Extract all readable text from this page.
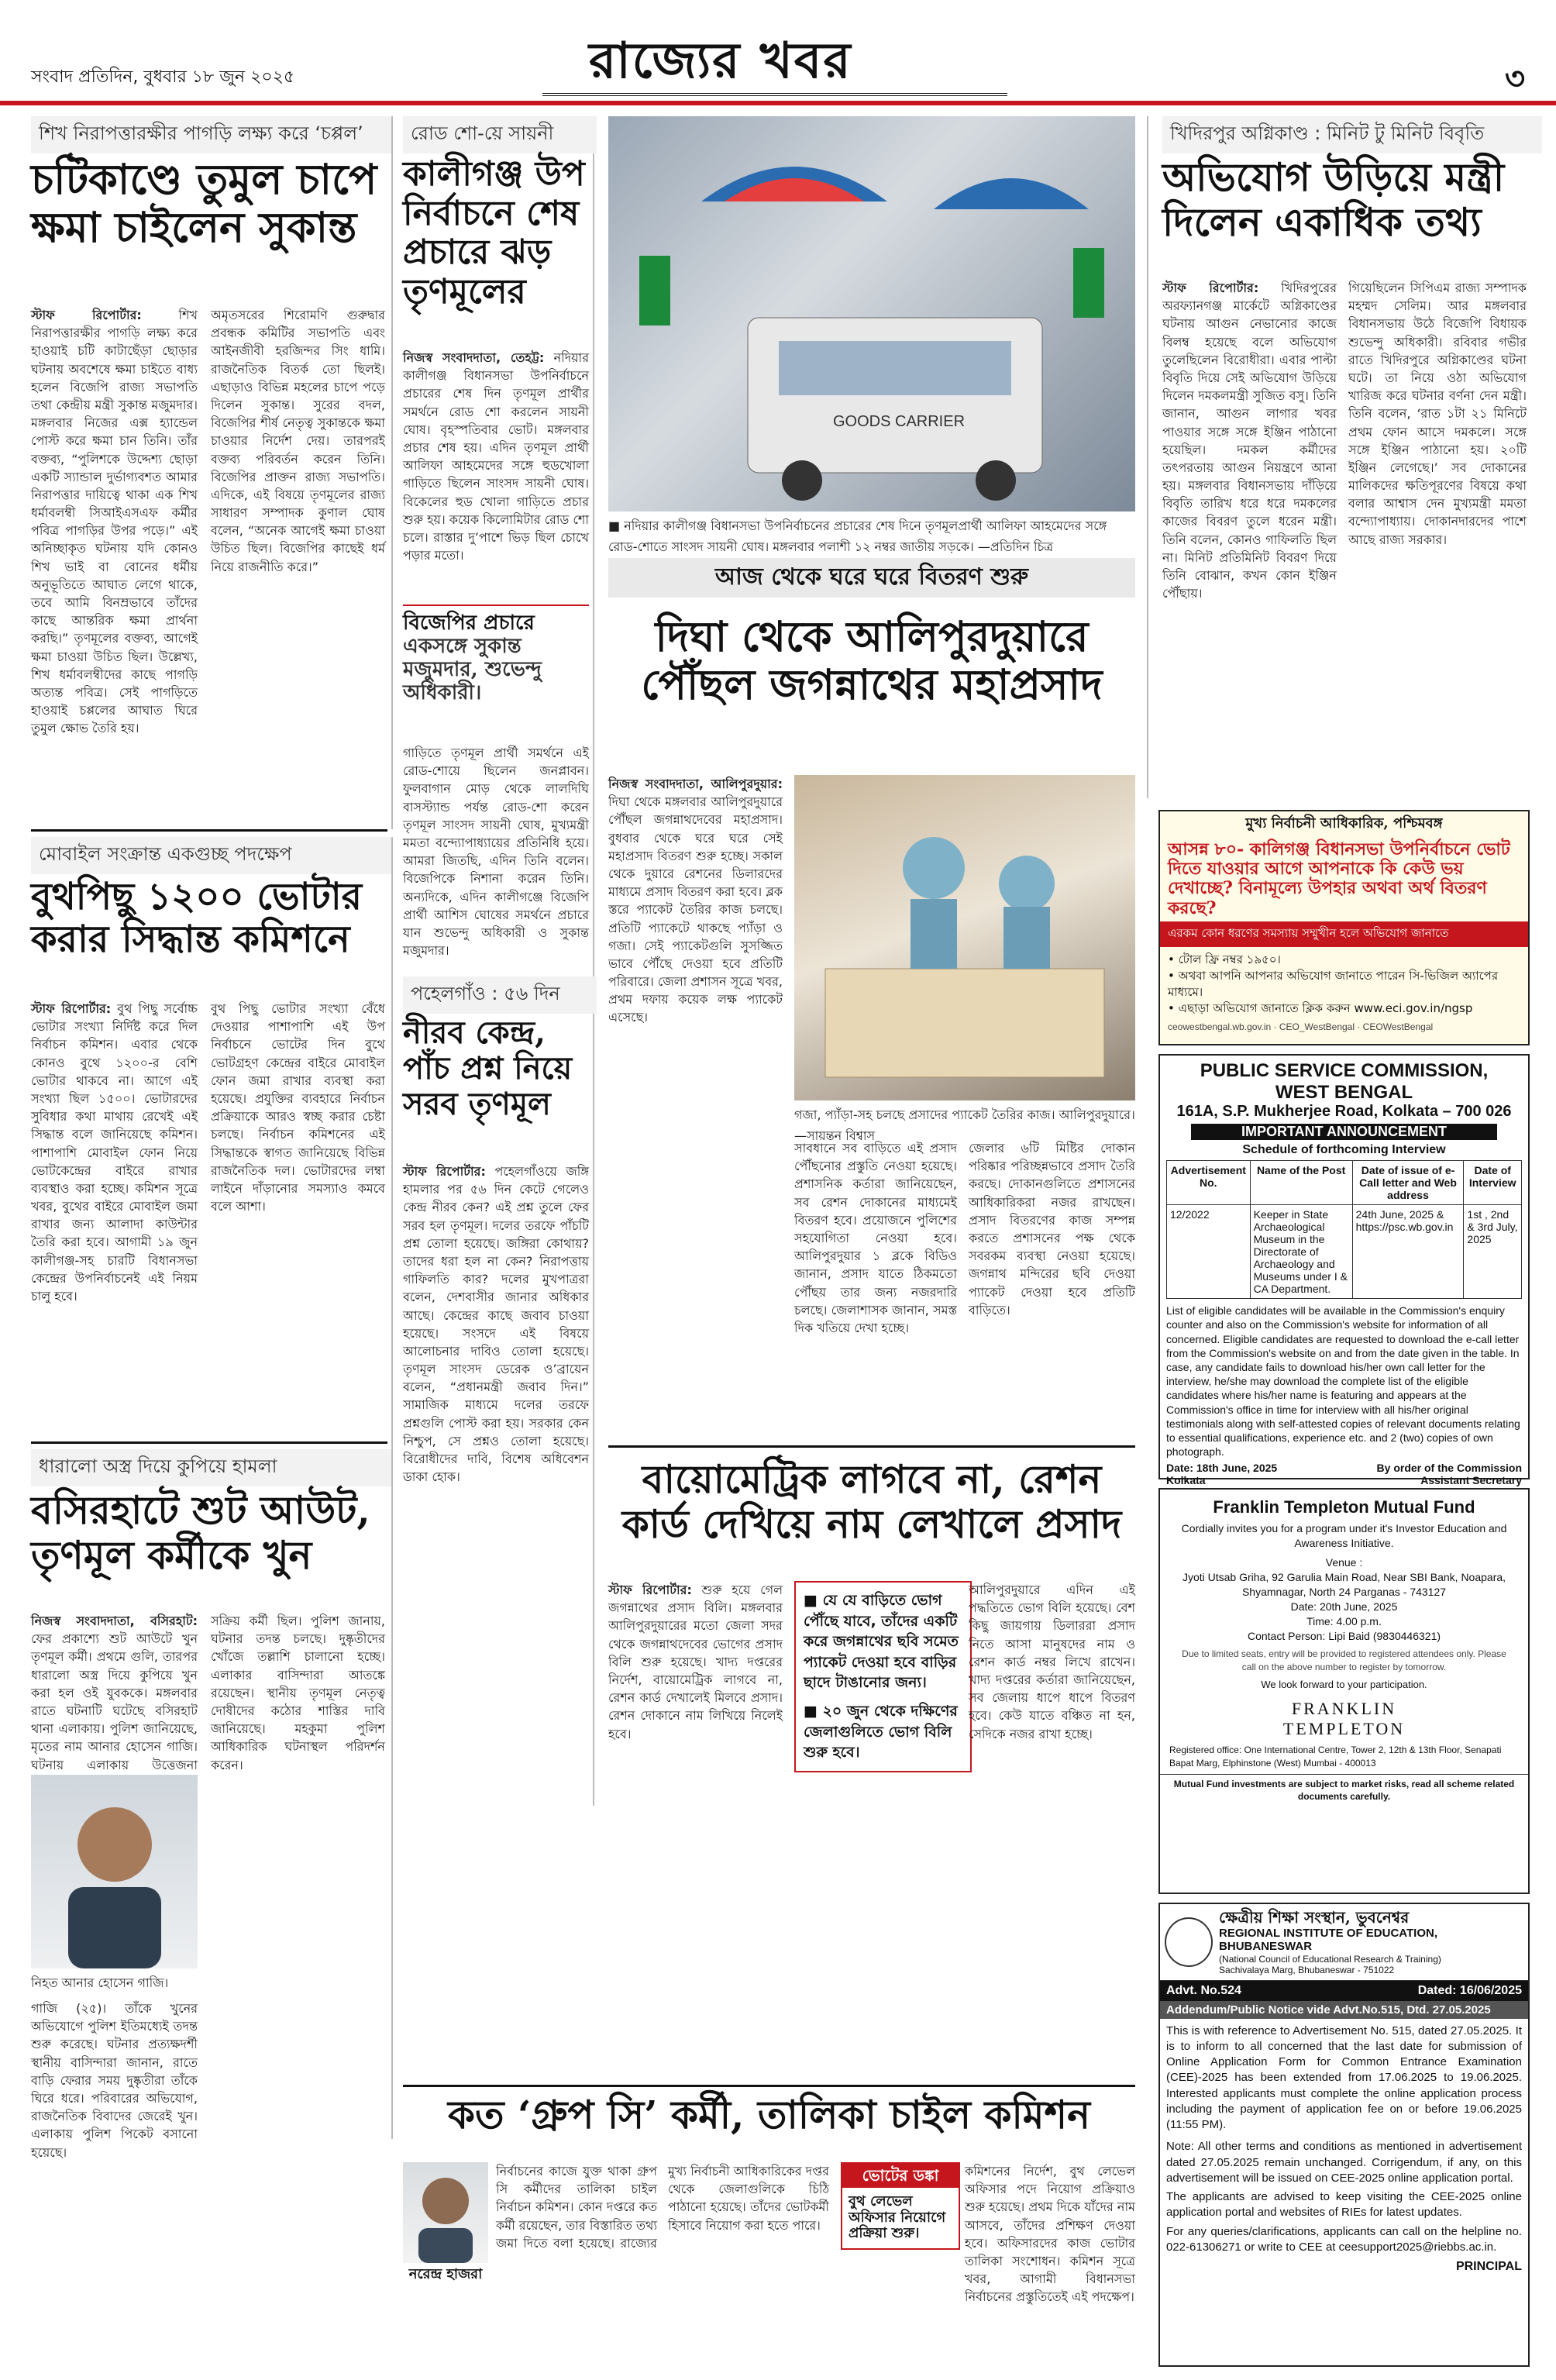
সংবাদ প্রতিদিন, বুধবার ১৮ জুন ২০২৫	রাজ্যের খবর	৩
শিখ নিরাপত্তারক্ষীর পাগড়ি লক্ষ্য করে ‘চপ্পল’
চটিকাণ্ডে তুমুল চাপে ক্ষমা চাইলেন সুকান্ত
স্টাফ রিপোর্টার:	শিখ নিরাপত্তারক্ষীর পাগড়ি লক্ষ্য করে হাওয়াই চটি কাটাছেঁড়া ছোড়ার ঘটনায় অবশেষে ক্ষমা চাইতে বাধ্য হলেন বিজেপি রাজ্য সভাপতি তথা কেন্দ্রীয় মন্ত্রী সুকান্ত মজুমদার। মঙ্গলবার নিজের এক্স হ্যান্ডেল পোস্ট করে ক্ষমা চান তিনি। তাঁর বক্তব্য, “পুলিশকে উদ্দেশ্য ছোড়া একটি স্যান্ডাল দুর্ভাগ্যবশত আমার নিরাপত্তার দায়িত্বে থাকা এক শিখ ধর্মাবলম্বী সিআইএসএফ কর্মীর পবিত্র পাগড়ির উপর পড়ে।” এই অনিচ্ছাকৃত ঘটনায় যদি কোনও শিখ ভাই বা বোনের ধর্মীয় অনুভূতিতে আঘাত লেগে থাকে, তবে আমি বিনম্রভাবে তাঁদের কাছে আন্তরিক ক্ষমা প্রার্থনা করছি।” তৃণমূলের বক্তব্য, আগেই ক্ষমা চাওয়া উচিত ছিল। উল্লেখ্য, শিখ ধর্মাবলম্বীদের কাছে পাগড়ি অত্যন্ত পবিত্র। সেই পাগড়িতে হাওয়াই চপ্পলের আঘাত ঘিরে তুমুল ক্ষোভ তৈরি হয়।
অমৃতসরের শিরোমণি গুরুদ্বার প্রবন্ধক কমিটির সভাপতি এবং আইনজীবী হরজিন্দর সিং ধামি। রাজনৈতিক বিতর্ক তো ছিলই। এছাড়াও বিভিন্ন মহলের চাপে পড়ে দিলেন সুকান্ত। সুরের বদল, বিজেপির শীর্ষ নেতৃত্ব সুকান্তকে ক্ষমা চাওয়ার নির্দেশ দেয়। তারপরই বক্তব্য পরিবর্তন করেন তিনি। বিজেপির প্রাক্তন রাজ্য সভাপতি। এদিকে, এই বিষয়ে তৃণমূলের রাজ্য সাধারণ সম্পাদক কুণাল ঘোষ বলেন, “অনেক আগেই ক্ষমা চাওয়া উচিত ছিল। বিজেপির কাছেই ধর্ম নিয়ে রাজনীতি করে।”
রোড শো-য়ে সায়নী
কালীগঞ্জ উপ নির্বাচনে শেষ প্রচারে ঝড় তৃণমূলের
নিজস্ব সংবাদদাতা, তেহট্ট: নদিয়ার কালীগঞ্জ বিধানসভা উপনির্বাচনে প্রচারের শেষ দিন তৃণমূল প্রার্থীর সমর্থনে রোড শো করলেন সায়নী ঘোষ। বৃহস্পতিবার ভোট। মঙ্গলবার প্রচার শেষ হয়। এদিন তৃণমূল প্রার্থী আলিফা আহমেদের সঙ্গে হুডখোলা গাড়িতে ছিলেন সাংসদ সায়নী ঘোষ। বিকেলের হুড খোলা গাড়িতে প্রচার শুরু হয়। কয়েক কিলোমিটার রোড শো চলে। রাস্তার দু’পাশে ভিড় ছিল চোখে পড়ার মতো।
বিজেপির প্রচারে
একসঙ্গে সুকান্ত মজুমদার, শুভেন্দু অধিকারী।
গাড়িতে তৃণমূল প্রার্থী সমর্থনে এই রোড-শোয়ে ছিলেন জনপ্লাবন। ফুলবাগান মোড় থেকে লালদিঘি বাসস্ট্যান্ড পর্যন্ত রোড-শো করেন তৃণমূল সাংসদ সায়নী ঘোষ, মুখ্যমন্ত্রী মমতা বন্দ্যোপাধ্যায়ের প্রতিনিধি হয়ে। আমরা জিতছি, এদিন তিনি বলেন। বিজেপিকে নিশানা করেন তিনি। অন্যদিকে, এদিন কালীগঞ্জে বিজেপি প্রার্থী আশিস ঘোষের সমর্থনে প্রচারে যান শুভেন্দু অধিকারী ও সুকান্ত মজুমদার।
GOODS CARRIER
■ নদিয়ার কালীগঞ্জ বিধানসভা উপনির্বাচনের প্রচারের শেষ দিনে তৃণমূলপ্রার্থী আলিফা আহমেদের সঙ্গে রোড-শোতে সাংসদ সায়নী ঘোষ। মঙ্গলবার পলাশী ১২ নম্বর জাতীয় সড়কে। —প্রতিদিন চিত্র
খিদিরপুর অগ্নিকাণ্ড : মিনিট টু মিনিট বিবৃতি
অভিযোগ উড়িয়ে মন্ত্রী দিলেন একাধিক তথ্য
স্টাফ রিপোর্টার: খিদিরপুরের অরফ্যানগঞ্জ মার্কেটে অগ্নিকাণ্ডের ঘটনায় আগুন নেভানোর কাজে বিলম্ব হয়েছে বলে অভিযোগ তুলেছিলেন বিরোধীরা। এবার পাল্টা বিবৃতি দিয়ে সেই অভিযোগ উড়িয়ে দিলেন দমকলমন্ত্রী সুজিত বসু। তিনি জানান, আগুন লাগার খবর পাওয়ার সঙ্গে সঙ্গে ইঞ্জিন পাঠানো হয়েছিল। দমকল কর্মীদের তৎপরতায় আগুন নিয়ন্ত্রণে আনা হয়। মঙ্গলবার বিধানসভায় দাঁড়িয়ে বিবৃতি তারিখ ধরে ধরে দমকলের কাজের বিবরণ তুলে ধরেন মন্ত্রী। তিনি বলেন, কোনও গাফিলতি ছিল না। মিনিট প্রতিমিনিট বিবরণ দিয়ে তিনি বোঝান, কখন কোন ইঞ্জিন পৌঁছায়।
গিয়েছিলেন সিপিএম রাজ্য সম্পাদক মহম্মদ সেলিম। আর মঙ্গলবার বিধানসভায় উঠে বিজেপি বিধায়ক শুভেন্দু অধিকারী। রবিবার গভীর রাতে খিদিরপুরে অগ্নিকাণ্ডের ঘটনা ঘটে। তা নিয়ে ওঠা অভিযোগ খারিজ করে ঘটনার বর্ণনা দেন মন্ত্রী। তিনি বলেন, ‘রাত ১টা ২১ মিনিটে প্রথম ফোন আসে দমকলে। সঙ্গে সঙ্গে ইঞ্জিন পাঠানো হয়। ২০টি ইঞ্জিন লেগেছে।’ সব দোকানের মালিকদের ক্ষতিপূরণের বিষয়ে কথা বলার আশ্বাস দেন মুখ্যমন্ত্রী মমতা বন্দ্যোপাধ্যায়। দোকানদারদের পাশে আছে রাজ্য সরকার।
আজ থেকে ঘরে ঘরে বিতরণ শুরু
দিঘা থেকে আলিপুরদুয়ারে পৌঁছল জগন্নাথের মহাপ্রসাদ
নিজস্ব সংবাদদাতা, আলিপুরদুয়ার: দিঘা থেকে মঙ্গলবার আলিপুরদুয়ারে পৌঁছল জগন্নাথদেবের মহাপ্রসাদ। বুধবার থেকে ঘরে ঘরে সেই মহাপ্রসাদ বিতরণ শুরু হচ্ছে। সকাল থেকে দুয়ারে রেশনের ডিলারদের মাধ্যমে প্রসাদ বিতরণ করা হবে। ব্লক স্তরে প্যাকেট তৈরির কাজ চলছে। প্রতিটি প্যাকেটে থাকছে প্যাঁড়া ও গজা। সেই প্যাকেটগুলি সুসজ্জিত ভাবে পৌঁছে দেওয়া হবে প্রতিটি পরিবারে। জেলা প্রশাসন সূত্রে খবর, প্রথম দফায় কয়েক লক্ষ প্যাকেট এসেছে।
গজা, প্যাঁড়া-সহ চলছে প্রসাদের প্যাকেট তৈরির কাজ। আলিপুরদুয়ারে। —সায়ন্তন বিশ্বাস
সাবধানে সব বাড়িতে এই প্রসাদ পৌঁছনোর প্রস্তুতি নেওয়া হয়েছে। প্রশাসনিক কর্তারা জানিয়েছেন, সব রেশন দোকানের মাধ্যমেই বিতরণ হবে। প্রয়োজনে পুলিশের সহযোগিতা নেওয়া হবে। আলিপুরদুয়ার ১ ব্লকে বিডিও জানান, প্রসাদ যাতে ঠিকমতো পৌঁছয় তার জন্য নজরদারি চলছে। জেলাশাসক জানান, সমস্ত দিক খতিয়ে দেখা হচ্ছে।
জেলার ৬টি মিষ্টির দোকান পরিষ্কার পরিচ্ছন্নভাবে প্রসাদ তৈরি করছে। দোকানগুলিতে প্রশাসনের আধিকারিকরা নজর রাখছেন। প্রসাদ বিতরণের কাজ সম্পন্ন করতে প্রশাসনের পক্ষ থেকে সবরকম ব্যবস্থা নেওয়া হয়েছে। জগন্নাথ মন্দিরের ছবি দেওয়া প্যাকেট দেওয়া হবে প্রতিটি বাড়িতে।
মোবাইল সংক্রান্ত একগুচ্ছ পদক্ষেপ
বুথপিছু ১২০০ ভোটার করার সিদ্ধান্ত কমিশনে
স্টাফ রিপোর্টার: বুথ পিছু সর্বোচ্চ ভোটার সংখ্যা নির্দিষ্ট করে দিল নির্বাচন কমিশন। এবার থেকে কোনও বুথে ১২০০-র বেশি ভোটার থাকবে না। আগে এই সংখ্যা ছিল ১৫০০। ভোটারদের সুবিধার কথা মাথায় রেখেই এই সিদ্ধান্ত বলে জানিয়েছে কমিশন। পাশাপাশি মোবাইল ফোন নিয়ে ভোটকেন্দ্রের বাইরে রাখার ব্যবস্থাও করা হচ্ছে। কমিশন সূত্রে খবর, বুথের বাইরে মোবাইল জমা রাখার জন্য আলাদা কাউন্টার তৈরি করা হবে। আগামী ১৯ জুন কালীগঞ্জ-সহ চারটি বিধানসভা কেন্দ্রের উপনির্বাচনেই এই নিয়ম চালু হবে।
বুথ পিছু ভোটার সংখ্যা বেঁধে দেওয়ার পাশাপাশি এই উপ নির্বাচনে ভোটের দিন বুথে ভোটগ্রহণ কেন্দ্রের বাইরে মোবাইল ফোন জমা রাখার ব্যবস্থা করা হয়েছে। প্রযুক্তির ব্যবহারে নির্বাচন প্রক্রিয়াকে আরও স্বচ্ছ করার চেষ্টা চলছে। নির্বাচন কমিশনের এই সিদ্ধান্তকে স্বাগত জানিয়েছে বিভিন্ন রাজনৈতিক দল। ভোটারদের লম্বা লাইনে দাঁড়ানোর সমস্যাও কমবে বলে আশা।
পহেলগাঁও : ৫৬ দিন
নীরব কেন্দ্র, পাঁচ প্রশ্ন নিয়ে সরব তৃণমূল
স্টাফ রিপোর্টার: পহেলগাঁওয়ে জঙ্গি হামলার পর ৫৬ দিন কেটে গেলেও কেন্দ্র নীরব কেন? এই প্রশ্ন তুলে ফের সরব হল তৃণমূল। দলের তরফে পাঁচটি প্রশ্ন তোলা হয়েছে। জঙ্গিরা কোথায়? তাদের ধরা হল না কেন? নিরাপত্তায় গাফিলতি কার? দলের মুখপাত্ররা বলেন, দেশবাসীর জানার অধিকার আছে। কেন্দ্রের কাছে জবাব চাওয়া হয়েছে। সংসদে এই বিষয়ে আলোচনার দাবিও তোলা হয়েছে। তৃণমূল সাংসদ ডেরেক ও’ব্রায়েন বলেন, “প্রধানমন্ত্রী জবাব দিন।” সামাজিক মাধ্যমে দলের তরফে প্রশ্নগুলি পোস্ট করা হয়। সরকার কেন নিশ্চুপ, সে প্রশ্নও তোলা হয়েছে। বিরোধীদের দাবি, বিশেষ অধিবেশন ডাকা হোক।
ধারালো অস্ত্র দিয়ে কুপিয়ে হামলা
বসিরহাটে শুট আউট, তৃণমূল কর্মীকে খুন
নিজস্ব সংবাদদাতা, বসিরহাট: ফের প্রকাশ্যে শুট আউটে খুন তৃণমূল কর্মী। প্রথমে গুলি, তারপর ধারালো অস্ত্র দিয়ে কুপিয়ে খুন করা হল ওই যুবককে। মঙ্গলবার রাতে ঘটনাটি ঘটেছে বসিরহাট থানা এলাকায়। পুলিশ জানিয়েছে, মৃতের নাম আনার হোসেন গাজি। ঘটনায় এলাকায় উত্তেজনা
নিহত আনার হোসেন গাজি।
গাজি (২৫)। তাঁকে খুনের অভিযোগে পুলিশ ইতিমধ্যেই তদন্ত শুরু করেছে। ঘটনার প্রত্যক্ষদর্শী স্থানীয় বাসিন্দারা জানান, রাতে বাড়ি ফেরার সময় দুষ্কৃতীরা তাঁকে ঘিরে ধরে। পরিবারের অভিযোগ, রাজনৈতিক বিবাদের জেরেই খুন। এলাকায় পুলিশ পিকেট বসানো হয়েছে।
সক্রিয় কর্মী ছিল। পুলিশ জানায়, ঘটনার তদন্ত চলছে। দুষ্কৃতীদের খোঁজে তল্লাশি চালানো হচ্ছে। এলাকার বাসিন্দারা আতঙ্কে রয়েছেন। স্থানীয় তৃণমূল নেতৃত্ব দোষীদের কঠোর শাস্তির দাবি জানিয়েছে। মহকুমা পুলিশ আধিকারিক ঘটনাস্থল পরিদর্শন করেন।
বায়োমেট্রিক লাগবে না, রেশন কার্ড দেখিয়ে নাম লেখালে প্রসাদ
স্টাফ রিপোর্টার: শুরু হয়ে গেল জগন্নাথের প্রসাদ বিলি। মঙ্গলবার আলিপুরদুয়ারের মতো জেলা সদর থেকে জগন্নাথদেবের ভোগের প্রসাদ বিলি শুরু হয়েছে। খাদ্য দপ্তরের নির্দেশ, বায়োমেট্রিক লাগবে না, রেশন কার্ড দেখালেই মিলবে প্রসাদ। রেশন দোকানে নাম লিখিয়ে নিলেই হবে।
■ যে যে বাড়িতে ভোগ পৌঁছে যাবে, তাঁদের একটি করে জগন্নাথের ছবি সমেত প্যাকেট দেওয়া হবে বাড়ির ছাদে টাঙানোর জন্য।
■ ২০ জুন থেকে দক্ষিণের জেলাগুলিতে ভোগ বিলি শুরু হবে।
আলিপুরদুয়ারে এদিন এই পদ্ধতিতে ভোগ বিলি হয়েছে। বেশ কিছু জায়গায় ডিলাররা প্রসাদ নিতে আসা মানুষদের নাম ও রেশন কার্ড নম্বর লিখে রাখেন। খাদ্য দপ্তরের কর্তারা জানিয়েছেন, সব জেলায় ধাপে ধাপে বিতরণ হবে। কেউ যাতে বঞ্চিত না হন, সেদিকে নজর রাখা হচ্ছে।
কত ‘গ্রুপ সি’ কর্মী, তালিকা চাইল কমিশন
নরেন্দ্র হাজরা
নির্বাচনের কাজে যুক্ত থাকা গ্রুপ সি কর্মীদের তালিকা চাইল নির্বাচন কমিশন। কোন দপ্তরে কত কর্মী রয়েছেন, তার বিস্তারিত তথ্য জমা দিতে বলা হয়েছে। রাজ্যের মুখ্য নির্বাচনী আধিকারিকের দপ্তর থেকে জেলাগুলিকে চিঠি পাঠানো হয়েছে। তাঁদের ভোটকর্মী হিসাবে নিয়োগ করা হতে পারে।
ভোটের ডঙ্কা
বুথ লেভেল অফিসার নিয়োগে প্রক্রিয়া শুরু।
কমিশনের নির্দেশ, বুথ লেভেল অফিসার পদে নিয়োগ প্রক্রিয়াও শুরু হয়েছে। প্রথম দিকে যাঁদের নাম আসবে, তাঁদের প্রশিক্ষণ দেওয়া হবে। অফিসারদের কাজ ভোটার তালিকা সংশোধন। কমিশন সূত্রে খবর, আগামী বিধানসভা নির্বাচনের প্রস্তুতিতেই এই পদক্ষেপ।
মুখ্য নির্বাচনী আধিকারিক, পশ্চিমবঙ্গ
আসন্ন ৮০- কালিগঞ্জ বিধানসভা উপনির্বাচনে ভোট দিতে যাওয়ার আগে আপনাকে কি কেউ ভয় দেখাচ্ছে? বিনামূল্যে উপহার অথবা অর্থ বিতরণ করছে?
এরকম কোন ধরণের সমস্যায় সম্মুখীন হলে অভিযোগ জানাতে
• টোল ফ্রি নম্বর ১৯৫০।
• অথবা আপনি আপনার অভিযোগ জানাতে পারেন সি-ভিজিল অ্যাপের মাধ্যমে।
• এছাড়া অভিযোগ জানাতে ক্লিক করুন www.eci.gov.in/ngsp
ceowestbengal.wb.gov.in · CEO_WestBengal · CEOWestBengal
PUBLIC SERVICE COMMISSION,
WEST BENGAL
161A, S.P. Mukherjee Road, Kolkata – 700 026
IMPORTANT ANNOUNCEMENT
Schedule of forthcoming Interview
Advertisement No.	Name of the Post	Date of issue of e-Call letter and Web address	Date of Interview
12/2022	Keeper in State Archaeological Museum in the Directorate of Archaeology and Museums under I & CA Department.	24th June, 2025 & https://psc.wb.gov.in	1st , 2nd & 3rd July, 2025
List of eligible candidates will be available in the Commission's enquiry counter and also on the Commission's website for information of all concerned. Eligible candidates are requested to download the e-call letter from the Commission's website on and from the date given in the table. In case, any candidate fails to download his/her own call letter for the interview, he/she may download the complete list of the eligible candidates where his/her name is featuring and appears at the Commission's office in time for interview with all his/her original testimonials along with self-attested copies of relevant documents relating to essential qualifications, experience etc. and 2 (two) copies of own photograph.
Date: 18th June, 2025
Kolkata
By order of the Commission
Assistant Secretary
Franklin Templeton Mutual Fund
Cordially invites you for a program under it's Investor Education and Awareness Initiative.
Venue :
Jyoti Utsab Griha, 92 Garulia Main Road, Near SBI Bank, Noapara, Shyamnagar, North 24 Parganas - 743127
Date: 20th June, 2025
Time: 4.00 p.m.
Contact Person: Lipi Baid (9830446321)
Due to limited seats, entry will be provided to registered attendees only. Please call on the above number to register by tomorrow.
We look forward to your participation.
FRANKLIN
TEMPLETON
Registered office: One International Centre, Tower 2, 12th & 13th Floor, Senapati Bapat Marg, Elphinstone (West) Mumbai - 400013
Mutual Fund investments are subject to market risks, read all scheme related documents carefully.
ক্ষেত্রীয় শিক্ষা সংস্থান, ভুবনেশ্বর
REGIONAL INSTITUTE OF EDUCATION, BHUBANESWAR
(National Council of Educational Research & Training)
Sachivalaya Marg, Bhubaneswar - 751022
Advt. No.524	Dated: 16/06/2025
Addendum/Public Notice vide Advt.No.515, Dtd. 27.05.2025
This is with reference to Advertisement No. 515, dated 27.05.2025. It is to inform to all concerned that the last date for submission of Online Application Form for Common Entrance Examination (CEE)-2025 has been extended from 17.06.2025 to 19.06.2025. Interested applicants must complete the online application process including the payment of application fee on or before 19.06.2025 (11:55 PM).
Note: All other terms and conditions as mentioned in advertisement dated 27.05.2025 remain unchanged. Corrigendum, if any, on this advertisement will be issued on CEE-2025 online application portal.
The applicants are advised to keep visiting the CEE-2025 online application portal and websites of RIEs for latest updates.
For any queries/clarifications, applicants can call on the helpline no. 022-61306271 or write to CEE at ceesupport2025@riebbs.ac.in.
PRINCIPAL
